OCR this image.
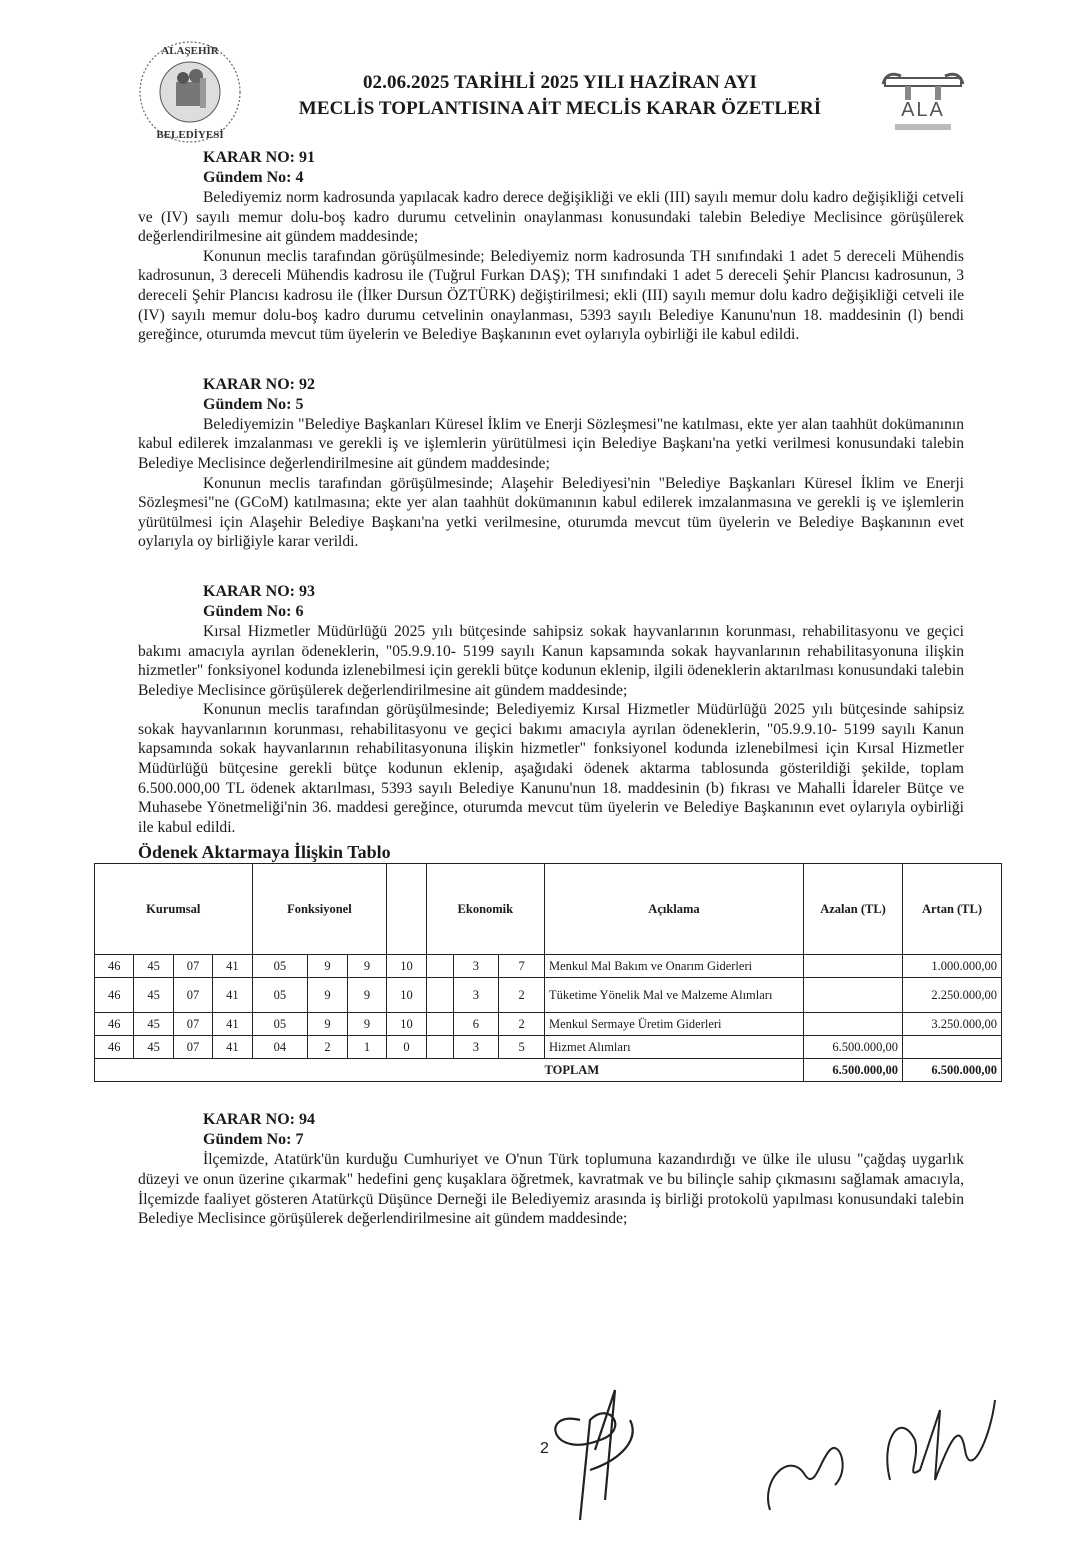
ALAŞEHİR
BELEDİYESİ
02.06.2025 TARİHLİ 2025 YILI HAZİRAN AYI
MECLİS TOPLANTISINA AİT MECLİS KARAR ÖZETLERİ	ALA
KARAR NO: 91
Gündem No: 4

Belediyemiz norm kadrosunda yapılacak kadro derece değişikliği ve ekli (III) sayılı memur dolu kadro değişikliği cetveli ve (IV) sayılı memur dolu-boş kadro durumu cetvelinin onaylanması konusundaki talebin Belediye Meclisince görüşülerek değerlendirilmesine ait gündem maddesinde;

Konunun meclis tarafından görüşülmesinde; Belediyemiz norm kadrosunda TH sınıfındaki 1 adet 5 dereceli Mühendis kadrosunun, 3 dereceli Mühendis kadrosu ile (Tuğrul Furkan DAŞ); TH sınıfındaki 1 adet 5 dereceli Şehir Plancısı kadrosunun, 3 dereceli Şehir Plancısı kadrosu ile (İlker Dursun ÖZTÜRK) değiştirilmesi; ekli (III) sayılı memur dolu kadro değişikliği cetveli ile (IV) sayılı memur dolu-boş kadro durumu cetvelinin onaylanması, 5393 sayılı Belediye Kanunu'nun 18. maddesinin (l) bendi gereğince, oturumda mevcut tüm üyelerin ve Belediye Başkanının evet oylarıyla oybirliği ile kabul edildi.

KARAR NO: 92
Gündem No: 5

Belediyemizin "Belediye Başkanları Küresel İklim ve Enerji Sözleşmesi"ne katılması, ekte yer alan taahhüt dokümanının kabul edilerek imzalanması ve gerekli iş ve işlemlerin yürütülmesi için Belediye Başkanı'na yetki verilmesi konusundaki talebin Belediye Meclisince değerlendirilmesine ait gündem maddesinde;

Konunun meclis tarafından görüşülmesinde; Alaşehir Belediyesi'nin "Belediye Başkanları Küresel İklim ve Enerji Sözleşmesi"ne (GCoM) katılmasına; ekte yer alan taahhüt dokümanının kabul edilerek imzalanmasına ve gerekli iş ve işlemlerin yürütülmesi için Alaşehir Belediye Başkanı'na yetki verilmesine, oturumda mevcut tüm üyelerin ve Belediye Başkanının evet oylarıyla oy birliğiyle karar verildi.

KARAR NO: 93
Gündem No: 6

Kırsal Hizmetler Müdürlüğü 2025 yılı bütçesinde sahipsiz sokak hayvanlarının korunması, rehabilitasyonu ve geçici bakımı amacıyla ayrılan ödeneklerin, "05.9.9.10- 5199 sayılı Kanun kapsamında sokak hayvanlarının rehabilitasyonuna ilişkin hizmetler" fonksiyonel kodunda izlenebilmesi için gerekli bütçe kodunun eklenip, ilgili ödeneklerin aktarılması konusundaki talebin Belediye Meclisince görüşülerek değerlendirilmesine ait gündem maddesinde;

Konunun meclis tarafından görüşülmesinde; Belediyemiz Kırsal Hizmetler Müdürlüğü 2025 yılı bütçesinde sahipsiz sokak hayvanlarının korunması, rehabilitasyonu ve geçici bakımı amacıyla ayrılan ödeneklerin, "05.9.9.10- 5199 sayılı Kanun kapsamında sokak hayvanlarının rehabilitasyonuna ilişkin hizmetler" fonksiyonel kodunda izlenebilmesi için Kırsal Hizmetler Müdürlüğü bütçesine gerekli bütçe kodunun eklenip, aşağıdaki ödenek aktarma tablosunda gösterildiği şekilde, toplam 6.500.000,00 TL ödenek aktarılması, 5393 sayılı Belediye Kanunu'nun 18. maddesinin (b) fıkrası ve Mahalli İdareler Bütçe ve Muhasebe Yönetmeliği'nin 36. maddesi gereğince, oturumda mevcut tüm üyelerin ve Belediye Başkanının evet oylarıyla oybirliği ile kabul edildi.

Ödenek Aktarmaya İlişkin Tablo
Kurumsal				Fonksiyonel				Ekonomik			Açıklama	Azalan (TL)	Artan (TL)
46	45	07	41	05	9	9	10		3	7	Menkul Mal Bakım ve Onarım Giderleri		1.000.000,00
46	45	07	41	05	9	9	10		3	2	Tüketime Yönelik Mal ve Malzeme Alımları		2.250.000,00
46	45	07	41	05	9	9	10		6	2	Menkul Sermaye Üretim Giderleri		3.250.000,00
46	45	07	41	04	2	1	0		3	5	Hizmet Alımları	6.500.000,00	
											TOPLAM	6.500.000,00	6.500.000,00
KARAR NO: 94
Gündem No: 7

İlçemizde, Atatürk'ün kurduğu Cumhuriyet ve O'nun Türk toplumuna kazandırdığı ve ülke ile ulusu "çağdaş uygarlık düzeyi ve onun üzerine çıkarmak" hedefini genç kuşaklara öğretmek, kavratmak ve bu bilinçle sahip çıkmasını sağlamak amacıyla, İlçemizde faaliyet gösteren Atatürkçü Düşünce Derneği ile Belediyemiz arasında iş birliği protokolü yapılması konusundaki talebin Belediye Meclisince görüşülerek değerlendirilmesine ait gündem maddesinde;

2
